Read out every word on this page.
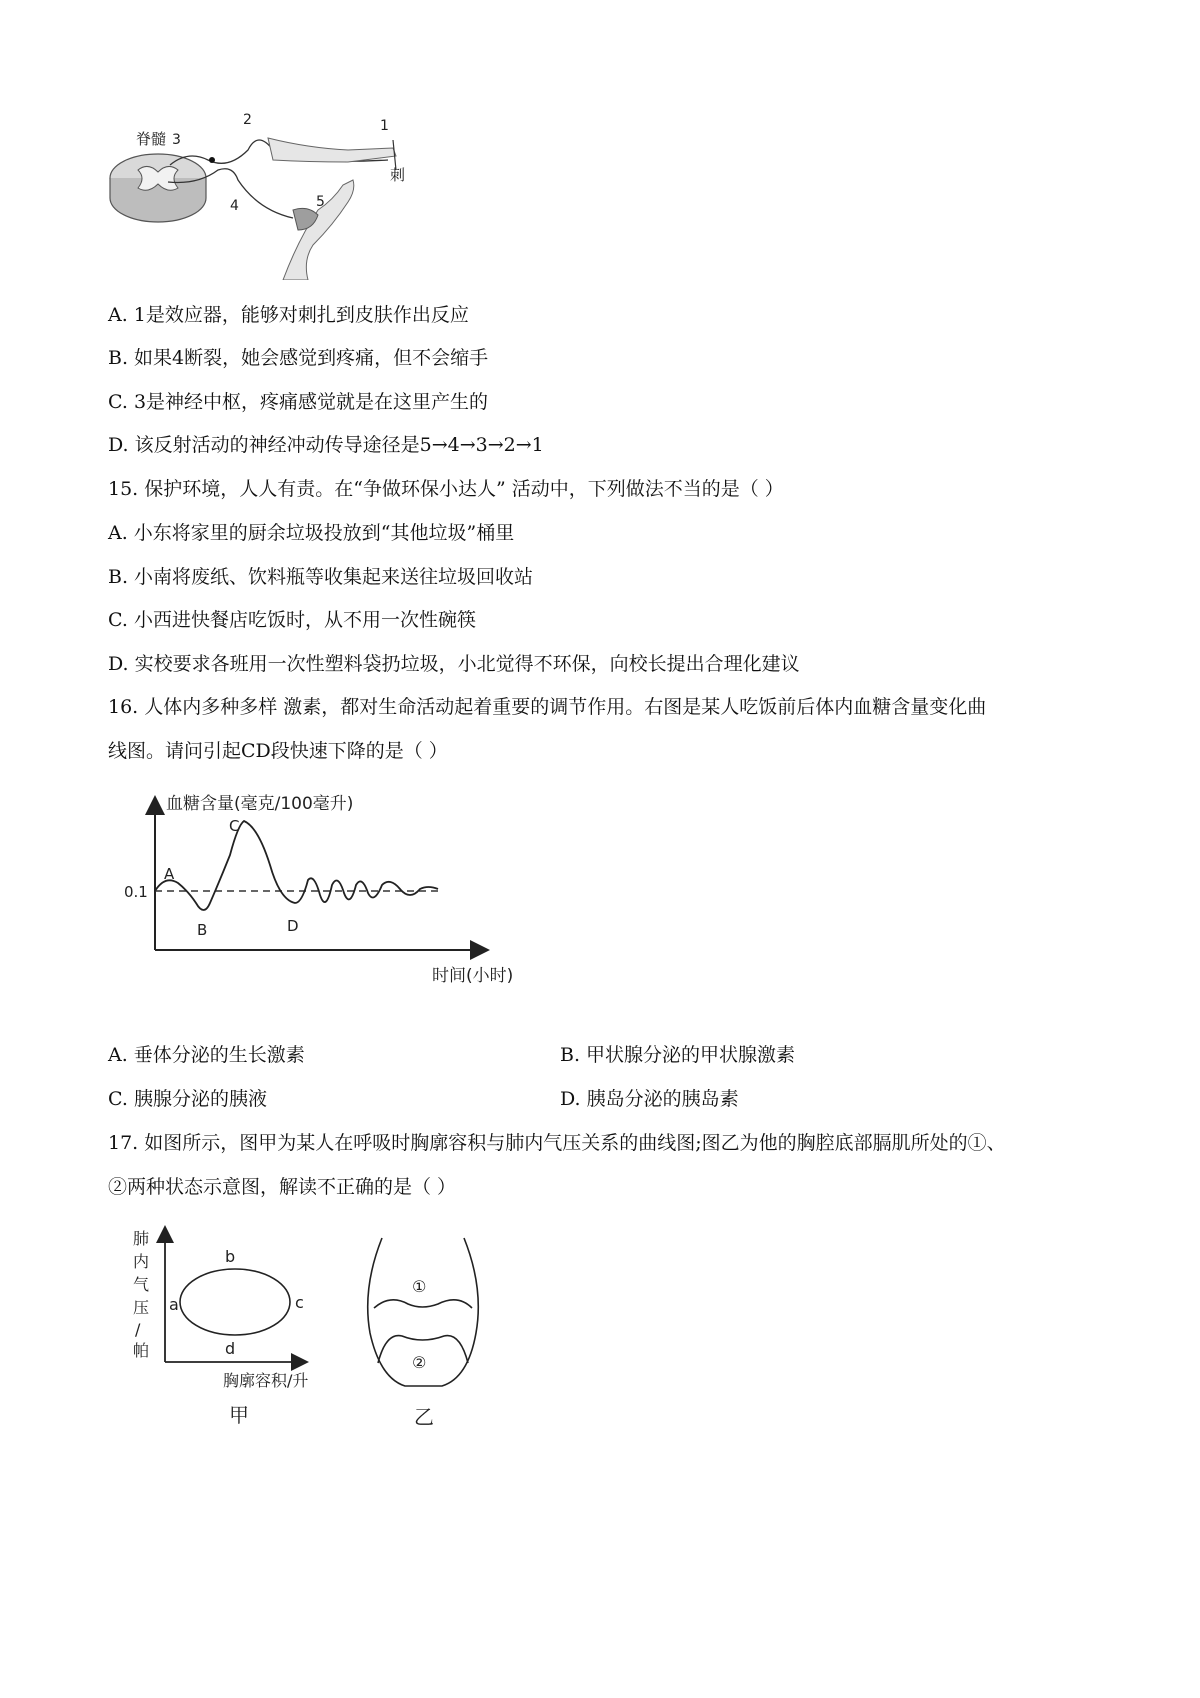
脊髓 3
2	1
刺
4	5
A. 1是效应器，能够对刺扎到皮肤作出反应
B. 如果4断裂，她会感觉到疼痛，但不会缩手
C. 3是神经中枢，疼痛感觉就是在这里产生的
D. 该反射活动的神经冲动传导途径是5→4→3→2→1
15. 保护环境，人人有责。在“争做环保小达人” 活动中，下列做法不当的是（ ）
A. 小东将家里的厨余垃圾投放到“其他垃圾”桶里
B. 小南将废纸、饮料瓶等收集起来送往垃圾回收站
C. 小西进快餐店吃饭时，从不用一次性碗筷
D. 实校要求各班用一次性塑料袋扔垃圾，小北觉得不环保，向校长提出合理化建议
16. 人体内多种多样 激素，都对生命活动起着重要的调节作用。右图是某人吃饭前后体内血糖含量变化曲
线图。请问引起CD段快速下降的是（ ）
血糖含量(毫克/100毫升)
时间(小时)
0.1
A
B
C
D
A. 垂体分泌的生长激素	B. 甲状腺分泌的甲状腺激素
C. 胰腺分泌的胰液	D. 胰岛分泌的胰岛素
17. 如图所示，图甲为某人在呼吸时胸廓容积与肺内气压关系的曲线图;图乙为他的胸腔底部膈肌所处的①、
②两种状态示意图，解读不正确的是（ ）
肺
内
气
压
/
帕
a
b
c
d
胸廓容积/升
甲
①
②
乙
